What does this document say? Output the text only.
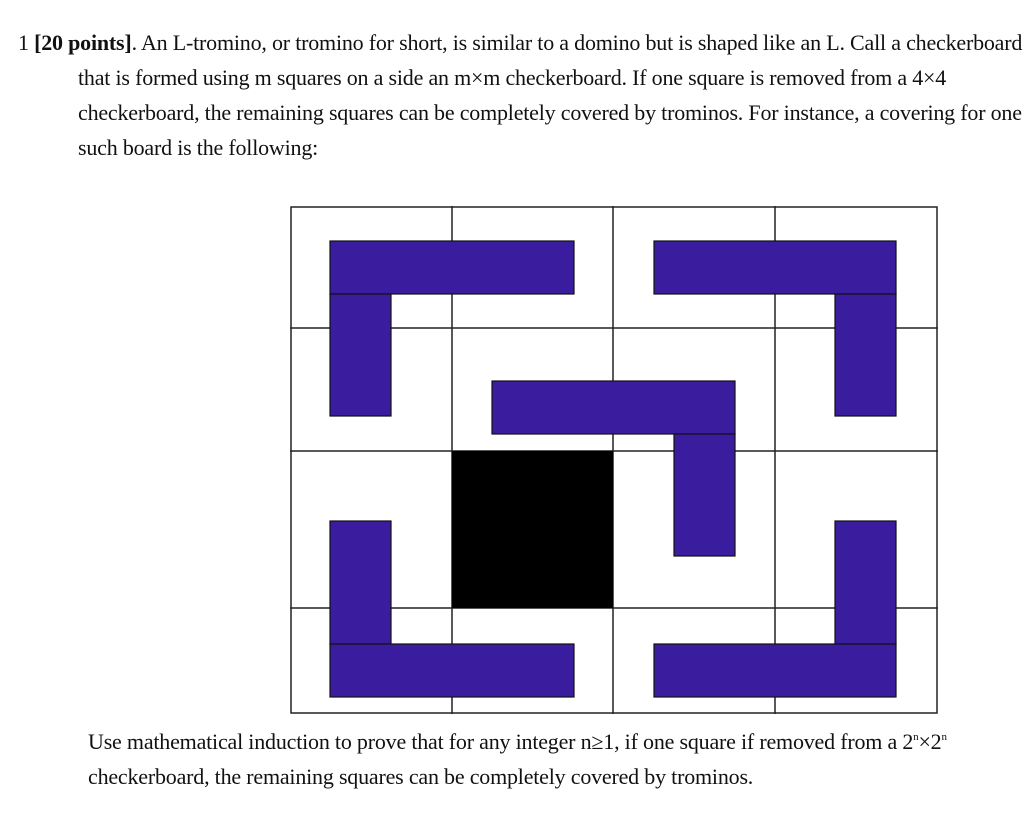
1 [20 points]. An L-tromino, or tromino for short, is similar to a domino but is shaped like an L. Call a checkerboard that is formed using m squares on a side an m×m checkerboard. If one square is removed from a 4×4 checkerboard, the remaining squares can be completely covered by trominos. For instance, a covering for one such board is the following:
Use mathematical induction to prove that for any integer n≥1, if one square if removed from a $2^n\times 2^n$ checkerboard, the remaining squares can be completely covered by trominos.
